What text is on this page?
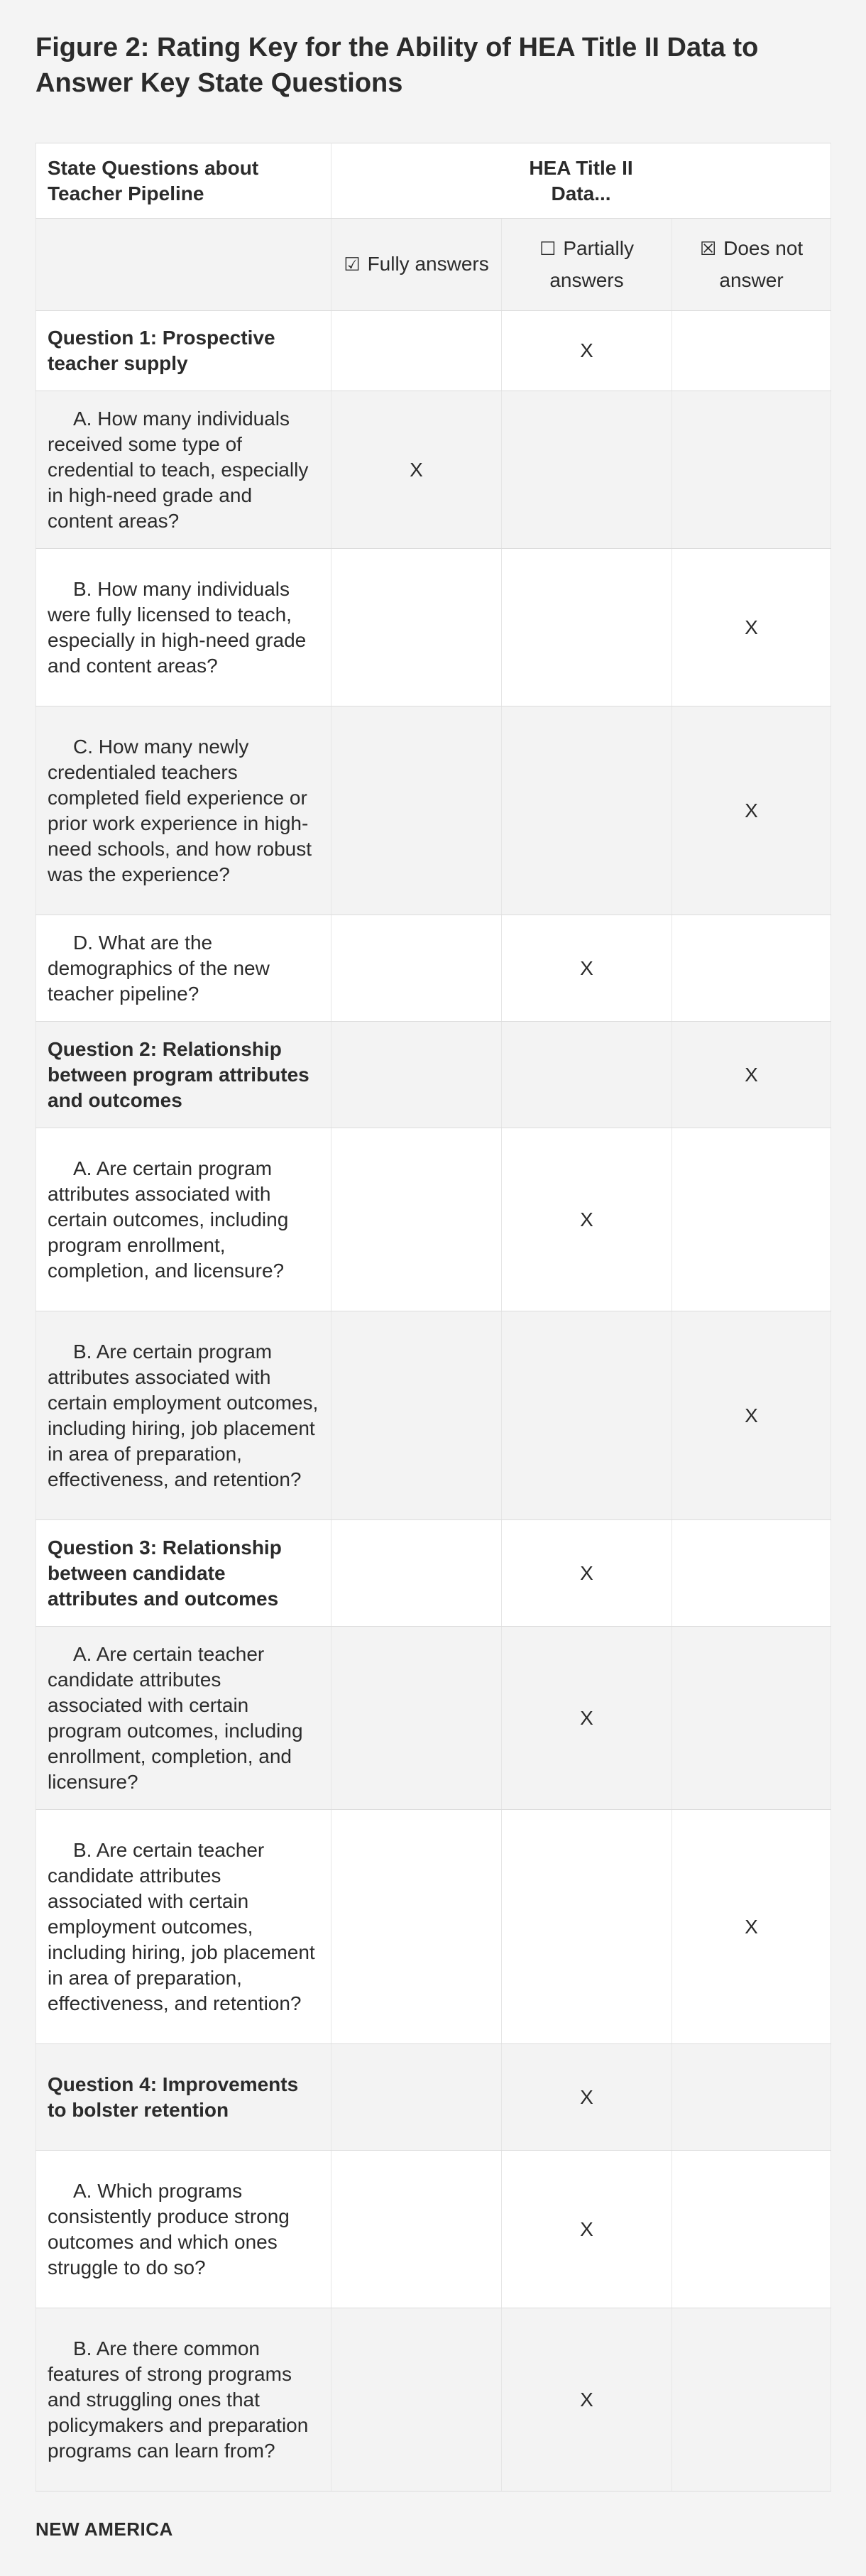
Figure 2: Rating Key for the Ability of HEA Title II Data to Answer Key State Questions
State Questions about Teacher Pipeline	HEA Title II Data...		

	☑ Fully answers	☐ Partially answers	☒ Does not answer
Question 1: Prospective teacher supply		X	
A. How many individuals received some type of credential to teach, especially in high-need grade and content areas?	X		
B. How many individuals were fully licensed to teach, especially in high-need grade and content areas?			X
C. How many newly credentialed teachers completed field experience or prior work experience in high-need schools, and how robust was the experience?			X
D. What are the demographics of the new teacher pipeline?		X	
Question 2: Relationship between program attributes and outcomes			X
A. Are certain program attributes associated with certain outcomes, including program enrollment, completion, and licensure?		X	
B. Are certain program attributes associated with certain employment outcomes, including hiring, job placement in area of preparation, effectiveness, and retention?			X
Question 3: Relationship between candidate attributes and outcomes		X	
A. Are certain teacher candidate attributes associated with certain program outcomes, including enrollment, completion, and licensure?		X	
B. Are certain teacher candidate attributes associated with certain employment outcomes, including hiring, job placement in area of preparation, effectiveness, and retention?			X
Question 4: Improvements to bolster retention		X	
A. Which programs consistently produce strong outcomes and which ones struggle to do so?		X	
B. Are there common features of strong programs and struggling ones that policymakers and preparation programs can learn from?		X	
NEW AMERICA
